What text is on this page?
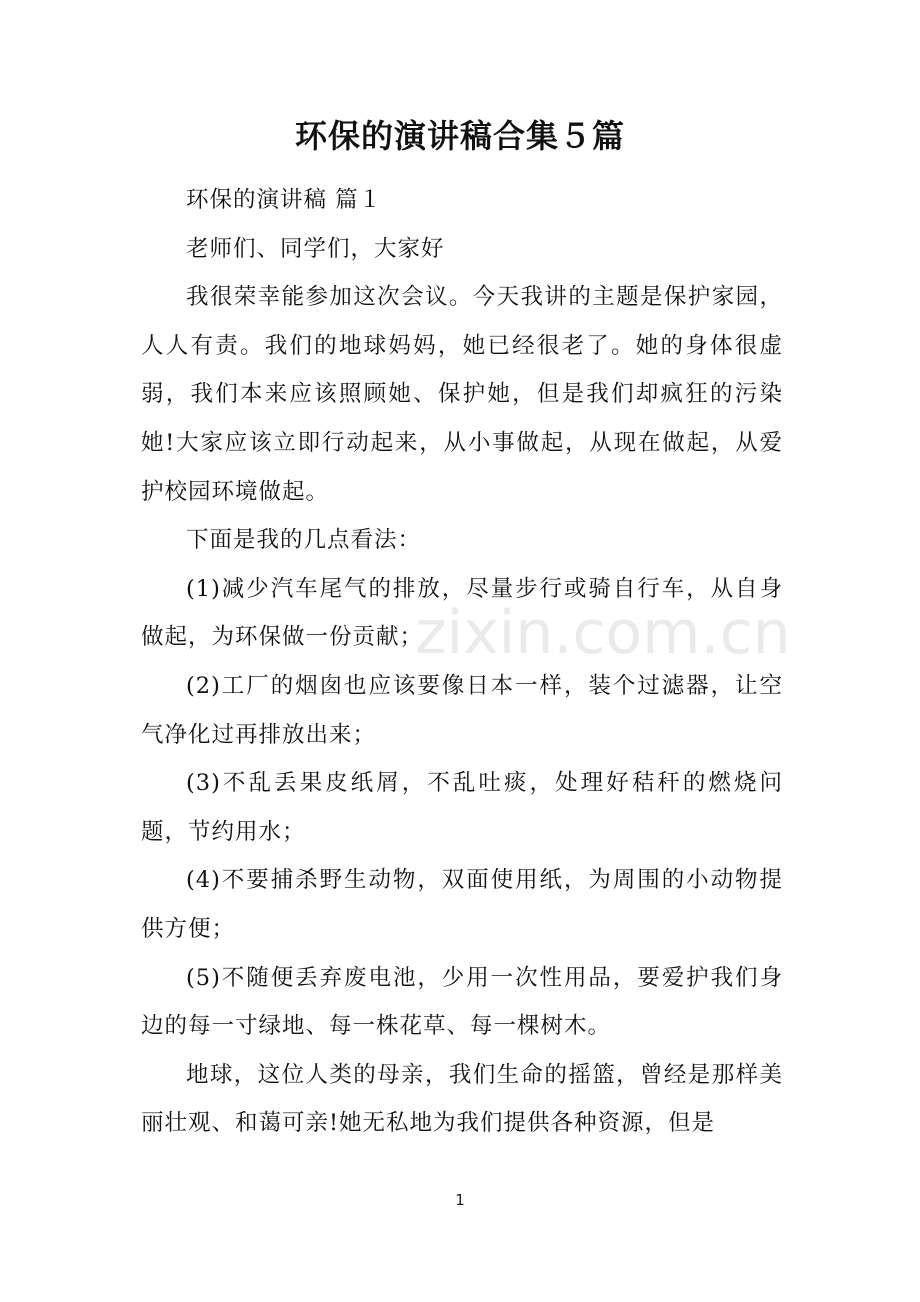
环保的演讲稿合集５篇

环保的演讲稿 篇１

老师们、同学们，大家好

我很荣幸能参加这次会议。今天我讲的主题是保护家园，人人有责。我们的地球妈妈，她已经很老了。她的身体很虚弱，我们本来应该照顾她、保护她，但是我们却疯狂的污染她!大家应该立即行动起来，从小事做起，从现在做起，从爱护校园环境做起。

下面是我的几点看法：

(1)减少汽车尾气的排放，尽量步行或骑自行车，从自身做起，为环保做一份贡献；

(2)工厂的烟囱也应该要像日本一样，装个过滤器，让空气净化过再排放出来；

(3)不乱丢果皮纸屑，不乱吐痰，处理好秸秆的燃烧问题，节约用水；

(4)不要捕杀野生动物，双面使用纸，为周围的小动物提供方便；

(5)不随便丢弃废电池，少用一次性用品，要爱护我们身边的每一寸绿地、每一株花草、每一棵树木。

地球，这位人类的母亲，我们生命的摇篮，曾经是那样美丽壮观、和蔼可亲!她无私地为我们提供各种资源，但是

zixin.com.cn
1
